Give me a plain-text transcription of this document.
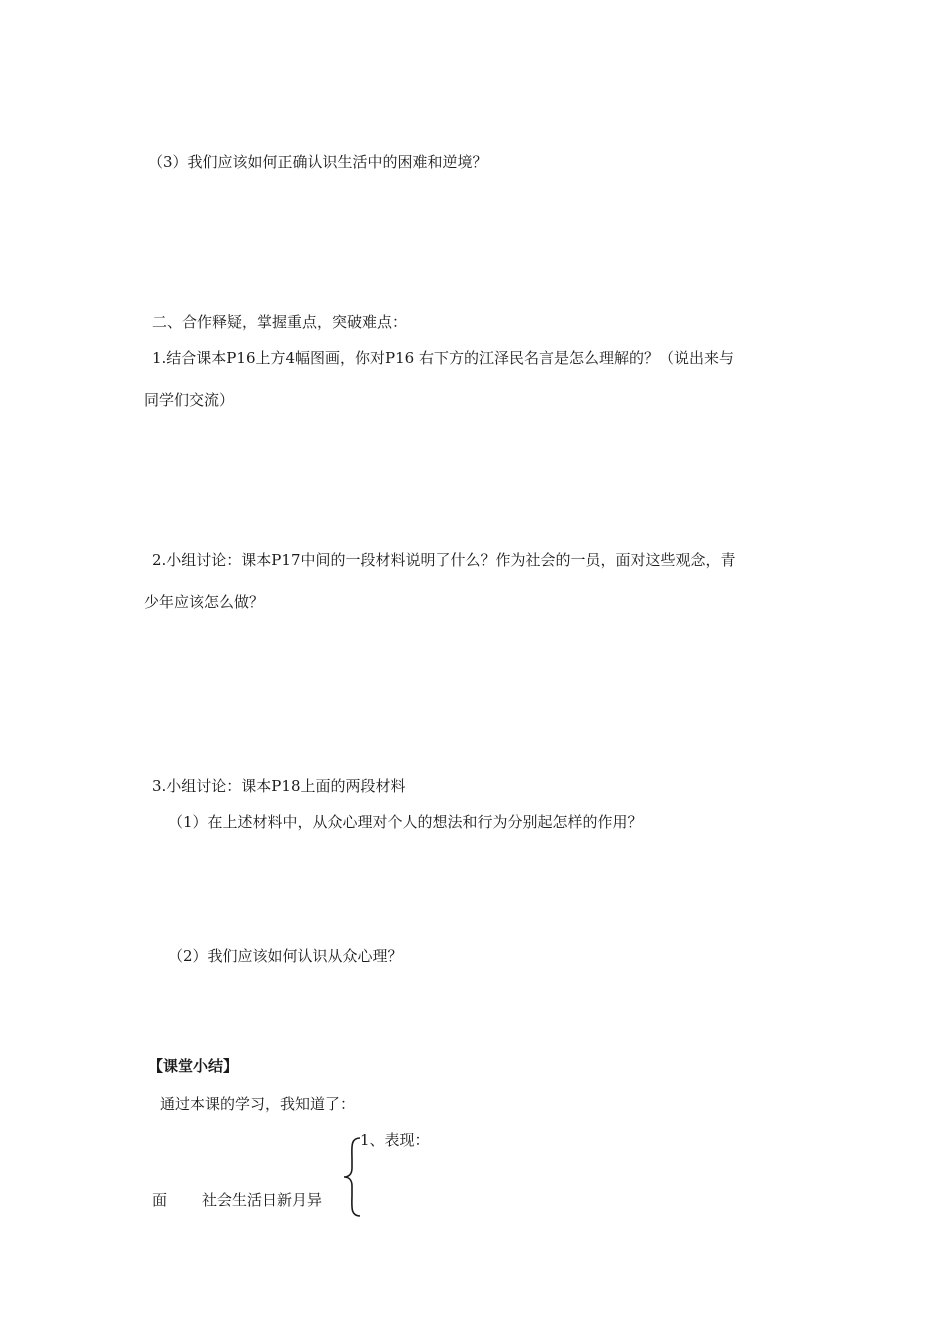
（3）我们应该如何正确认识生活中的困难和逆境？
二、合作释疑，掌握重点，突破难点：
1.结合课本P16上方4幅图画，你对P16 右下方的江泽民名言是怎么理解的？（说出来与
同学们交流）
2.小组讨论：课本P17中间的一段材料说明了什么？作为社会的一员，面对这些观念，青
少年应该怎么做？
3.小组讨论：课本P18上面的两段材料
（1）在上述材料中，从众心理对个人的想法和行为分别起怎样的作用？
（2）我们应该如何认识从众心理？
【课堂小结】
通过本课的学习，我知道了：
1、表现：
面 社会生活日新月异
